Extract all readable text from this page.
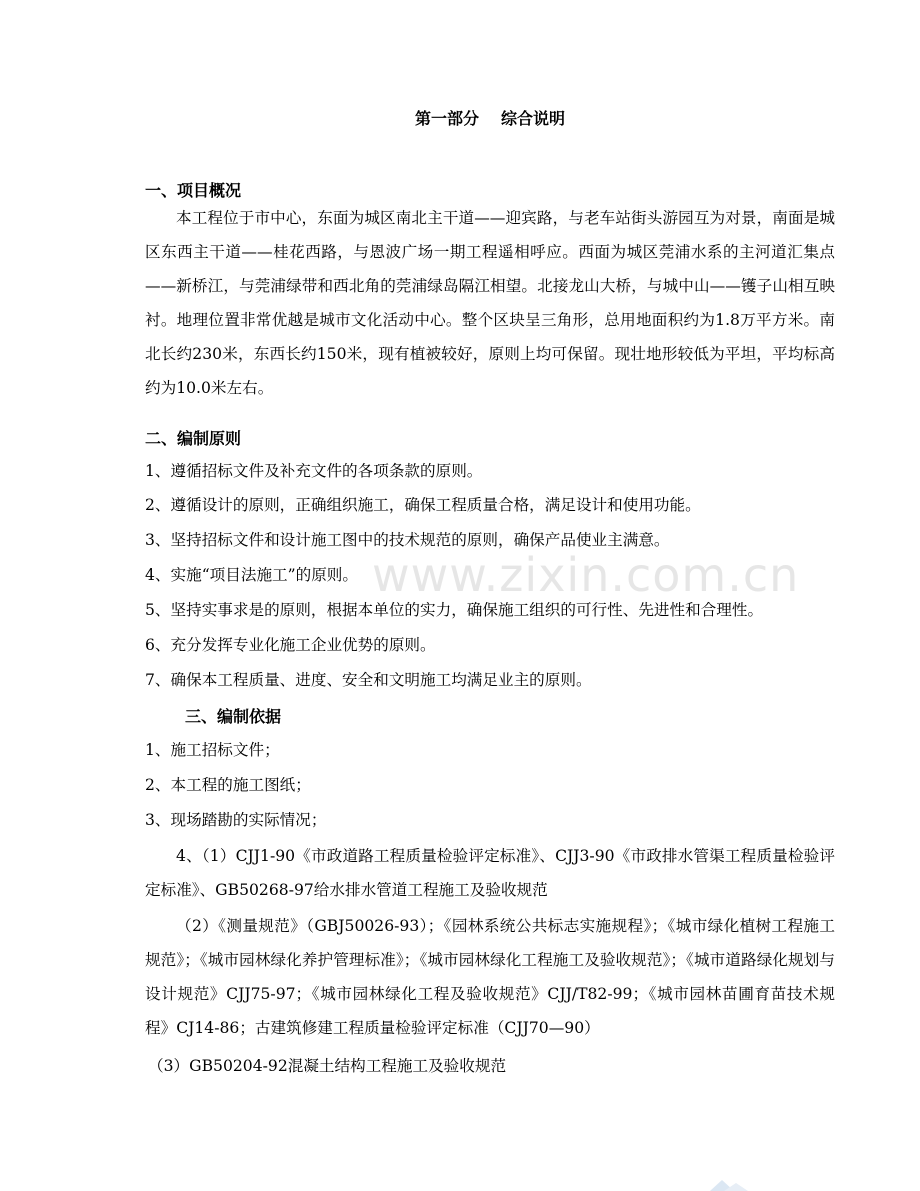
www.zixin.com.cn
第一部分 综合说明
一、项目概况
本工程位于市中心，东面为城区南北主干道——迎宾路，与老车站街头游园互为对景，南面是城区东西主干道——桂花西路，与恩波广场一期工程遥相呼应。西面为城区莞浦水系的主河道汇集点——新桥江，与莞浦绿带和西北角的莞浦绿岛隔江相望。北接龙山大桥，与城中山——镬子山相互映衬。地理位置非常优越是城市文化活动中心。整个区块呈三角形，总用地面积约为1.8万平方米。南北长约230米，东西长约150米，现有植被较好，原则上均可保留。现壮地形较低为平坦，平均标高约为10.0米左右。
二、编制原则
1、遵循招标文件及补充文件的各项条款的原则。
2、遵循设计的原则，正确组织施工，确保工程质量合格，满足设计和使用功能。
3、坚持招标文件和设计施工图中的技术规范的原则，确保产品使业主满意。
4、实施“项目法施工”的原则。
5、坚持实事求是的原则，根据本单位的实力，确保施工组织的可行性、先进性和合理性。
6、充分发挥专业化施工企业优势的原则。
7、确保本工程质量、进度、安全和文明施工均满足业主的原则。
三、编制依据
1、施工招标文件；
2、本工程的施工图纸；
3、现场踏勘的实际情况；
4、（1）CJJ1-90《市政道路工程质量检验评定标准》、CJJ3-90《市政排水管渠工程质量检验评定标准》、GB50268-97给水排水管道工程施工及验收规范
（2）《测量规范》（GBJ50026-93）；《园林系统公共标志实施规程》；《城市绿化植树工程施工规范》；《城市园林绿化养护管理标准》；《城市园林绿化工程施工及验收规范》；《城市道路绿化规划与设计规范》CJJ75-97；《城市园林绿化工程及验收规范》CJJ/T82-99；《城市园林苗圃育苗技术规程》CJ14-86；古建筑修建工程质量检验评定标准（CJJ70—90）
（3）GB50204-92混凝土结构工程施工及验收规范
